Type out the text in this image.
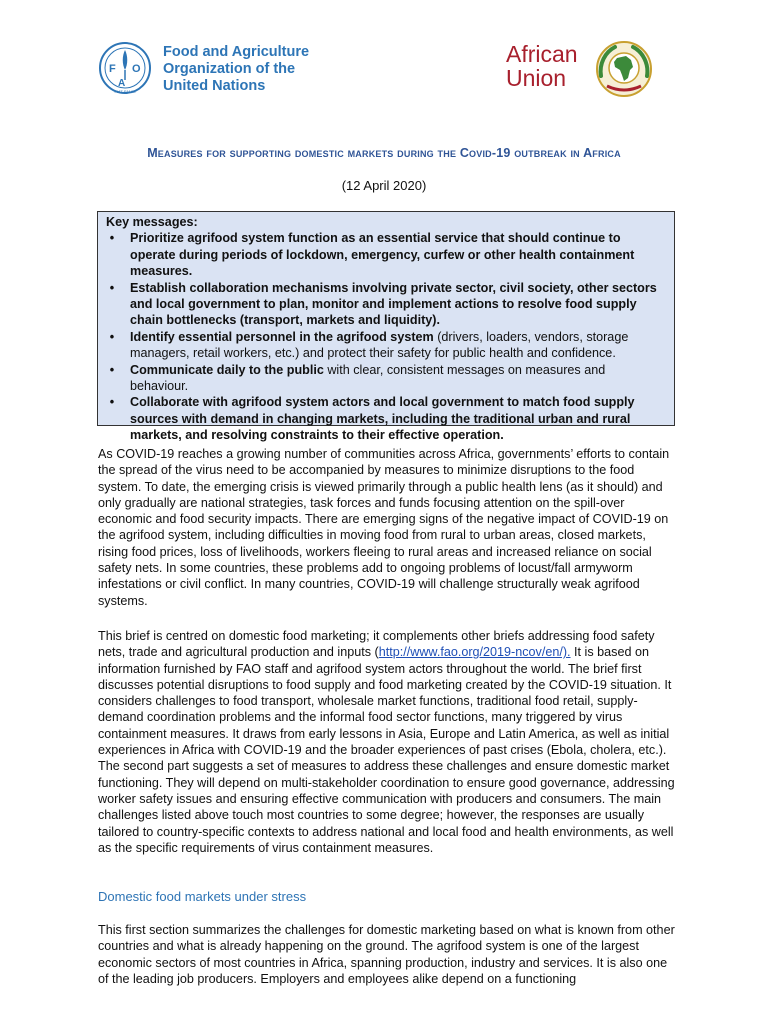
F
A
O
FIAT PANIS
Food and Agriculture
Organization of the
United Nations
African
Union
Measures for supporting domestic markets during the Covid-19 outbreak in Africa
(12 April 2020)
Key messages:
•	Prioritize agrifood system function as an essential service that should continue to operate during periods of lockdown, emergency, curfew or other health containment measures.
•	Establish collaboration mechanisms involving private sector, civil society, other sectors and local government to plan, monitor and implement actions to resolve food supply chain bottlenecks (transport, markets and liquidity).
•	Identify essential personnel in the agrifood system (drivers, loaders, vendors, storage managers, retail workers, etc.) and protect their safety for public health and confidence.
•	Communicate daily to the public with clear, consistent messages on measures and behaviour.
•	Collaborate with agrifood system actors and local government to match food supply sources with demand in changing markets, including the traditional urban and rural markets, and resolving constraints to their effective operation.

As COVID-19 reaches a growing number of communities across Africa, governments’ efforts to contain the spread of the virus need to be accompanied by measures to minimize disruptions to the food system. To date, the emerging crisis is viewed primarily through a public health lens (as it should) and only gradually are national strategies, task forces and funds focusing attention on the spill-over economic and food security impacts. There are emerging signs of the negative impact of COVID-19 on the agrifood system, including difficulties in moving food from rural to urban areas, closed markets, rising food prices, loss of livelihoods, workers fleeing to rural areas and increased reliance on social safety nets. In some countries, these problems add to ongoing problems of locust/fall armyworm infestations or civil conflict. In many countries, COVID-19 will challenge structurally weak agrifood systems.

This brief is centred on domestic food marketing; it complements other briefs addressing food safety nets, trade and agricultural production and inputs (http://www.fao.org/2019-ncov/en/). It is based on information furnished by FAO staff and agrifood system actors throughout the world. The brief first discusses potential disruptions to food supply and food marketing created by the COVID-19 situation. It considers challenges to food transport, wholesale market functions, traditional food retail, supply-demand coordination problems and the informal food sector functions, many triggered by virus containment measures. It draws from early lessons in Asia, Europe and Latin America, as well as initial experiences in Africa with COVID-19 and the broader experiences of past crises (Ebola, cholera, etc.). The second part suggests a set of measures to address these challenges and ensure domestic market functioning. They will depend on multi-stakeholder coordination to ensure good governance, addressing worker safety issues and ensuring effective communication with producers and consumers. The main challenges listed above touch most countries to some degree; however, the responses are usually tailored to country-specific contexts to address national and local food and health environments, as well as the specific requirements of virus containment measures.

Domestic food markets under stress

This first section summarizes the challenges for domestic marketing based on what is known from other countries and what is already happening on the ground. The agrifood system is one of the largest economic sectors of most countries in Africa, spanning production, industry and services. It is also one of the leading job producers. Employers and employees alike depend on a functioning
